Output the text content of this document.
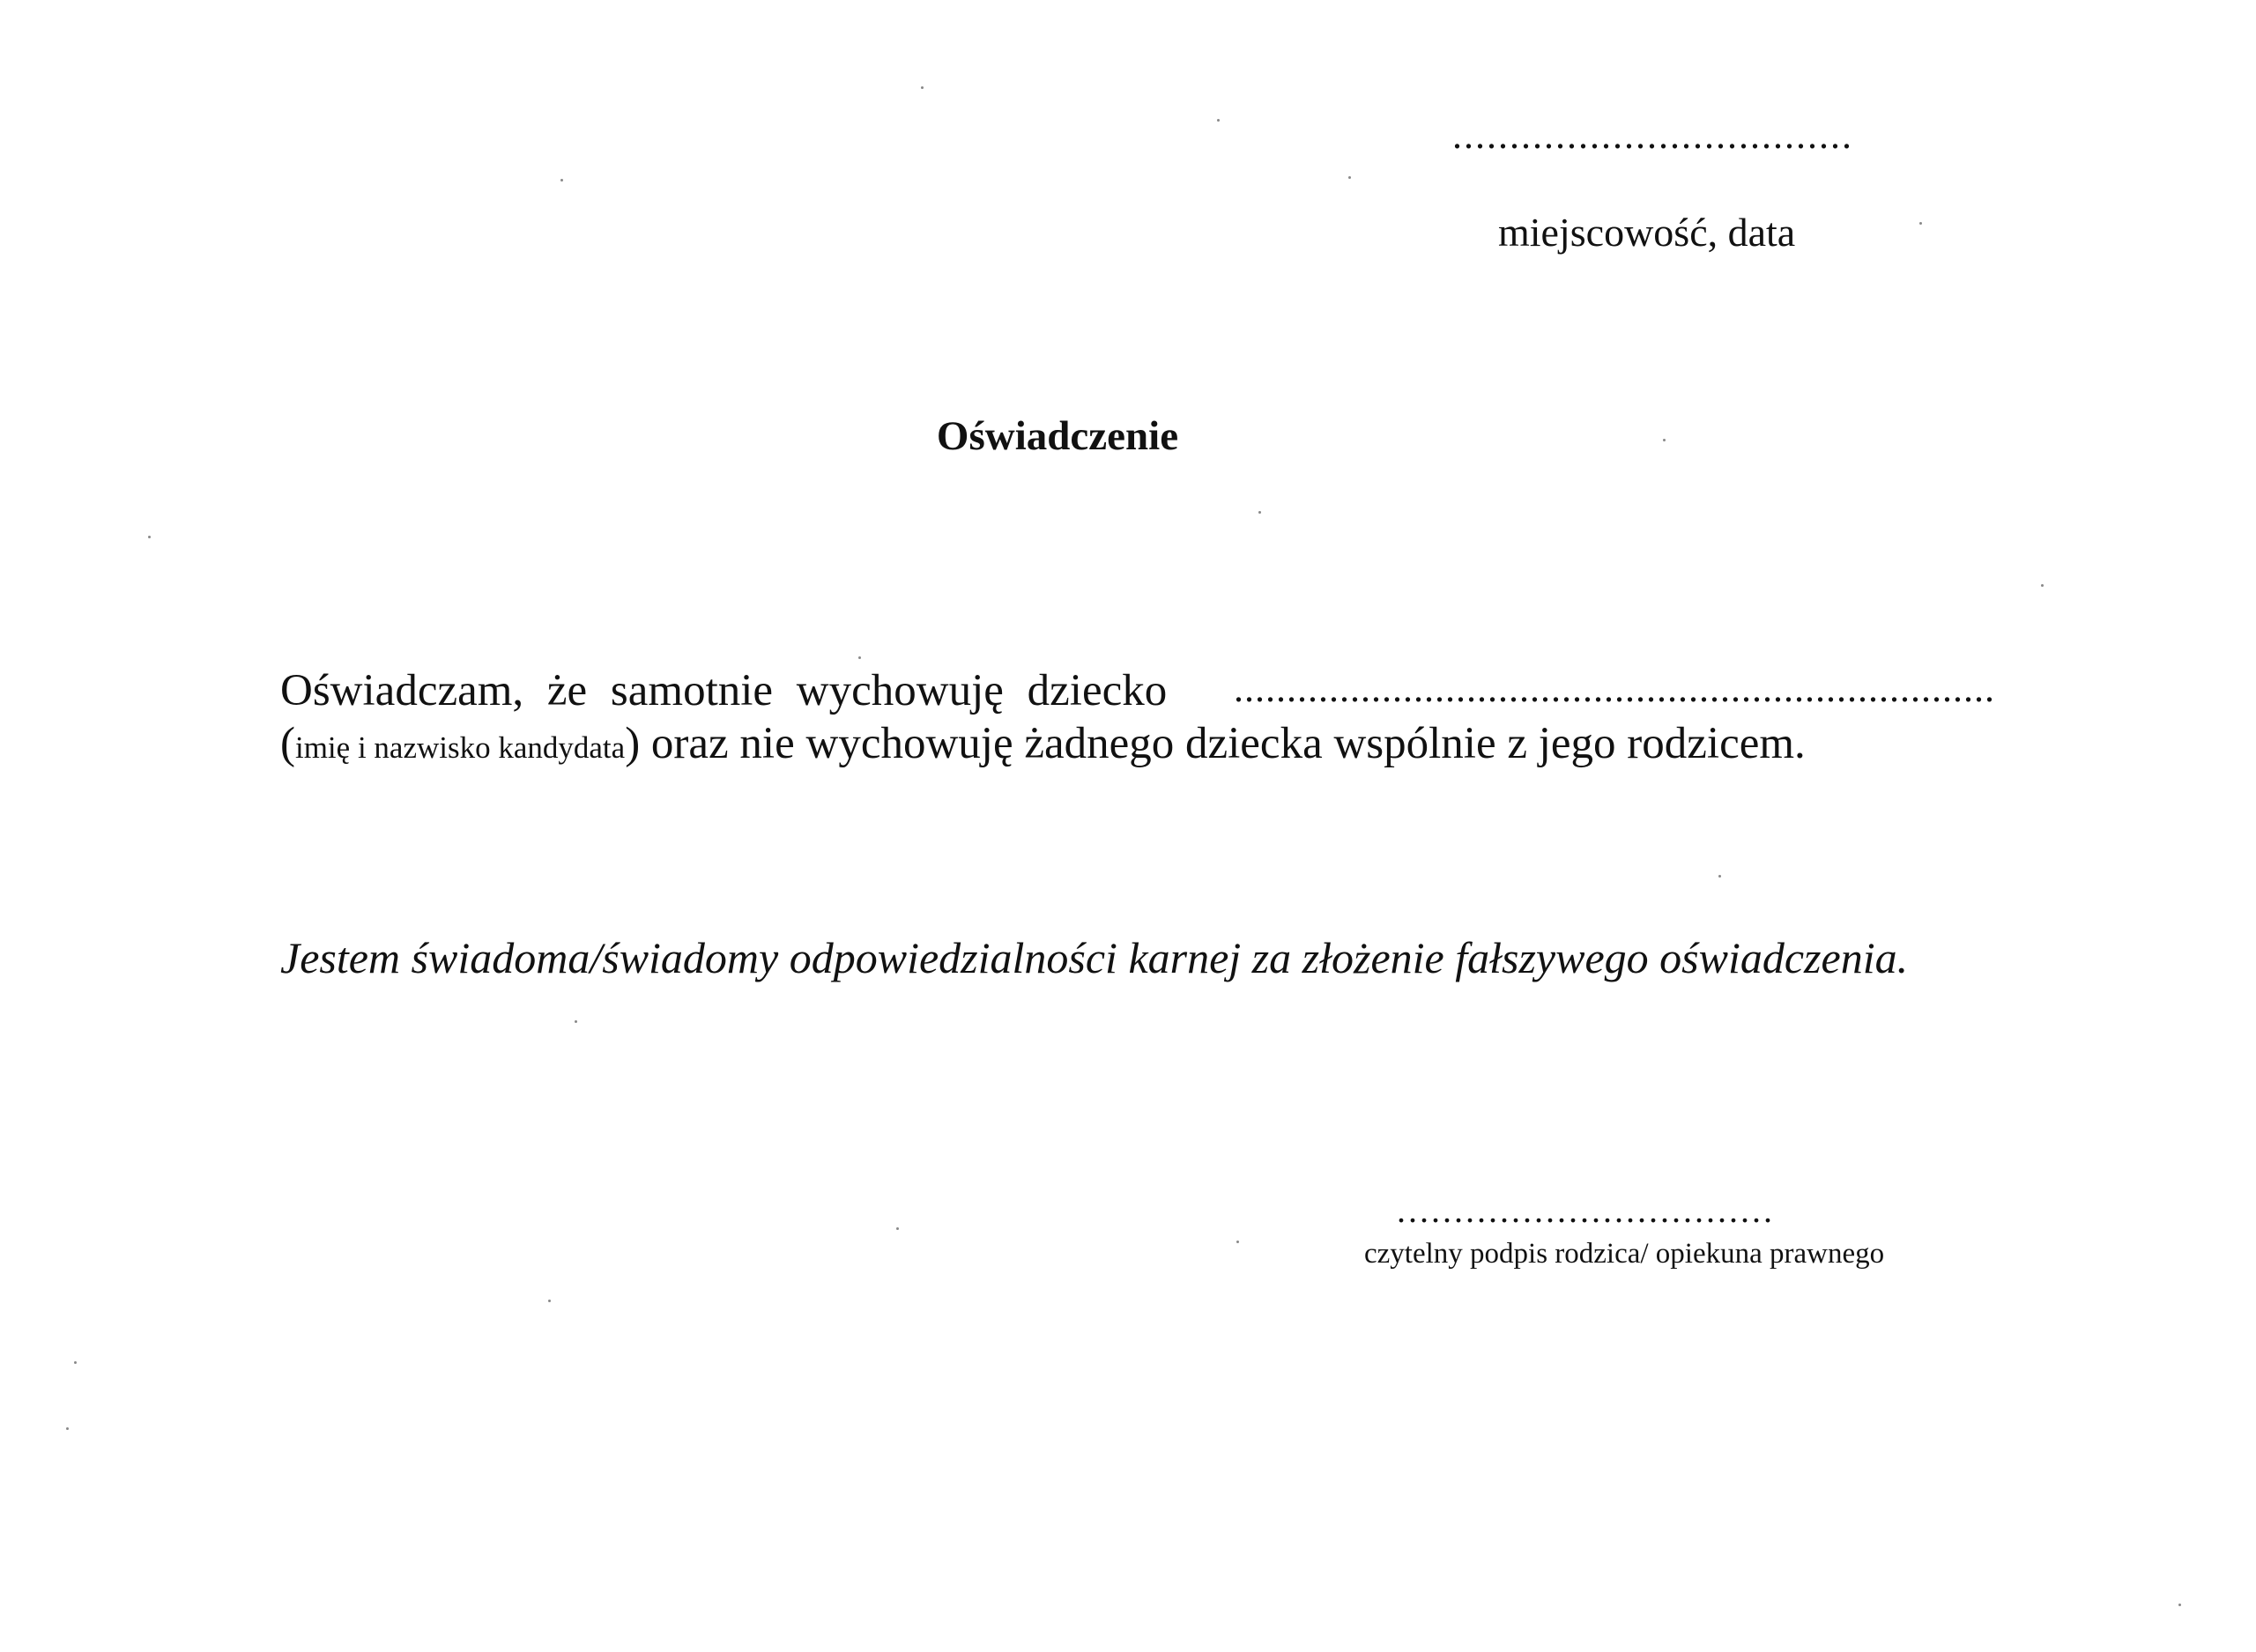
...................................
miejscowość, data
Oświadczenie
Oświadczam, że samotnie wychowuję dziecko ........................................................................
(imię i nazwisko kandydata) oraz nie wychowuję żadnego dziecka wspólnie z jego rodzicem.
Jestem świadoma/świadomy odpowiedzialności karnej za złożenie fałszywego oświadczenia.
.................................
czytelny podpis rodzica/ opiekuna prawnego
